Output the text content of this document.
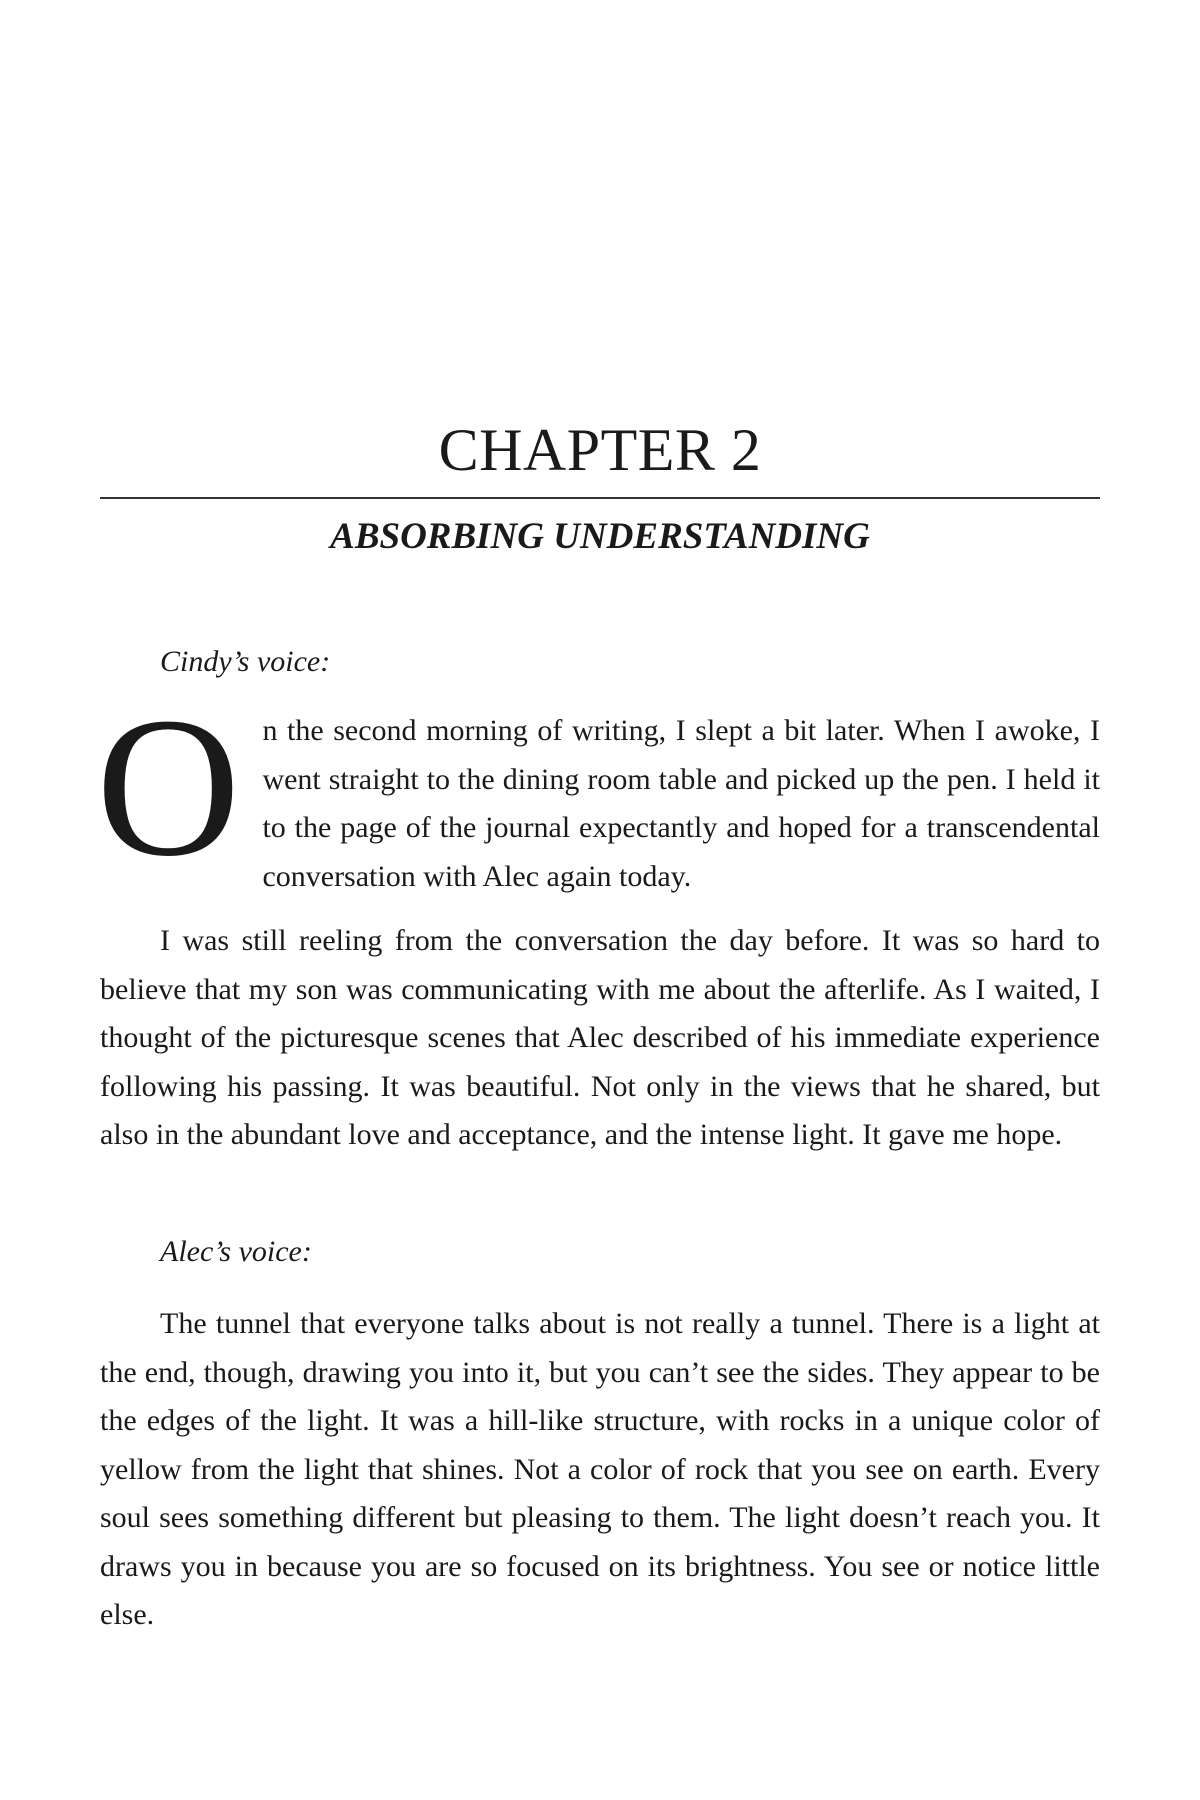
CHAPTER 2
ABSORBING UNDERSTANDING

Cindy’s voice:

On the second morning of writing, I slept a bit later. When I awoke, I went straight to the dining room table and picked up the pen. I held it to the page of the journal expectantly and hoped for a transcendental conversation with Alec again today.

I was still reeling from the conversation the day before. It was so hard to believe that my son was communicating with me about the afterlife. As I waited, I thought of the picturesque scenes that Alec described of his immediate experience following his passing. It was beautiful. Not only in the views that he shared, but also in the abundant love and acceptance, and the intense light. It gave me hope.

Alec’s voice:

The tunnel that everyone talks about is not really a tunnel. There is a light at the end, though, drawing you into it, but you can’t see the sides. They appear to be the edges of the light. It was a hill-like structure, with rocks in a unique color of yellow from the light that shines. Not a color of rock that you see on earth. Every soul sees something different but pleasing to them. The light doesn’t reach you. It draws you in because you are so focused on its brightness. You see or notice little else.
